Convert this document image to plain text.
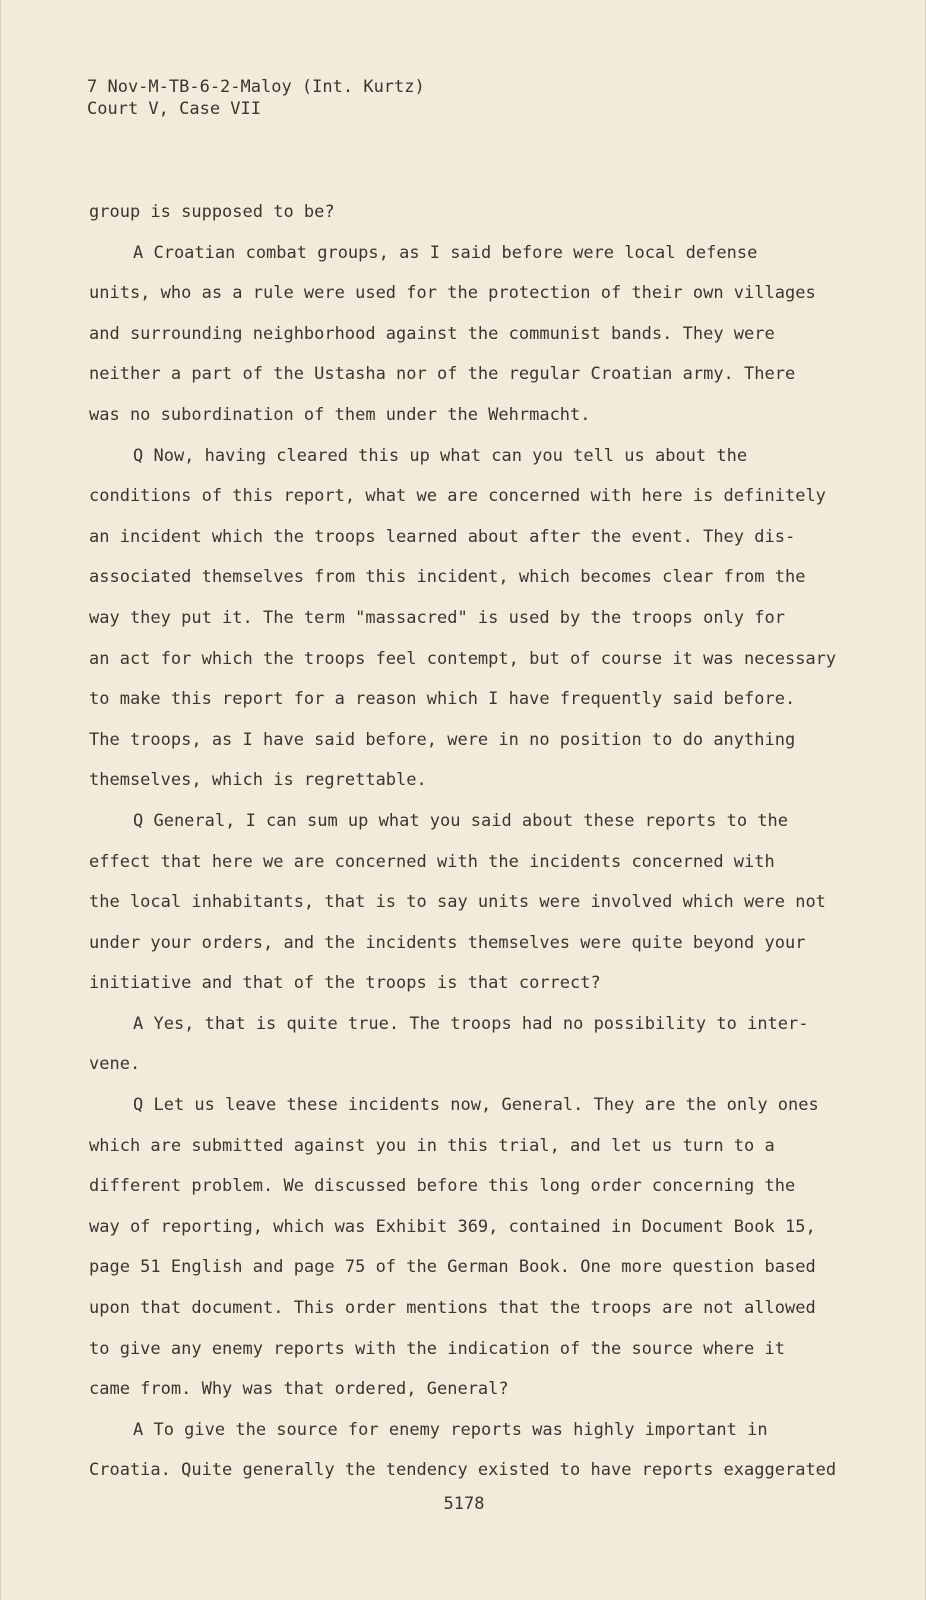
7 Nov-M-TB-6-2-Maloy (Int. Kurtz)
Court V, Case VII
group is supposed to be?
A Croatian combat groups, as I said before were local defense
units, who as a rule were used for the protection of their own villages
and surrounding neighborhood against the communist bands. They were
neither a part of the Ustasha nor of the regular Croatian army. There
was no subordination of them under the Wehrmacht.
Q Now, having cleared this up what can you tell us about the
conditions of this report, what we are concerned with here is definitely
an incident which the troops learned about after the event. They dis-
associated themselves from this incident, which becomes clear from the
way they put it. The term "massacred" is used by the troops only for
an act for which the troops feel contempt, but of course it was necessary
to make this report for a reason which I have frequently said before.
The troops, as I have said before, were in no position to do anything
themselves, which is regrettable.
Q General, I can sum up what you said about these reports to the
effect that here we are concerned with the incidents concerned with
the local inhabitants, that is to say units were involved which were not
under your orders, and the incidents themselves were quite beyond your
initiative and that of the troops is that correct?
A Yes, that is quite true. The troops had no possibility to inter-
vene.
Q Let us leave these incidents now, General. They are the only ones
which are submitted against you in this trial, and let us turn to a
different problem. We discussed before this long order concerning the
way of reporting, which was Exhibit 369, contained in Document Book 15,
page 51 English and page 75 of the German Book. One more question based
upon that document. This order mentions that the troops are not allowed
to give any enemy reports with the indication of the source where it
came from. Why was that ordered, General?
A To give the source for enemy reports was highly important in
Croatia. Quite generally the tendency existed to have reports exaggerated
5178
